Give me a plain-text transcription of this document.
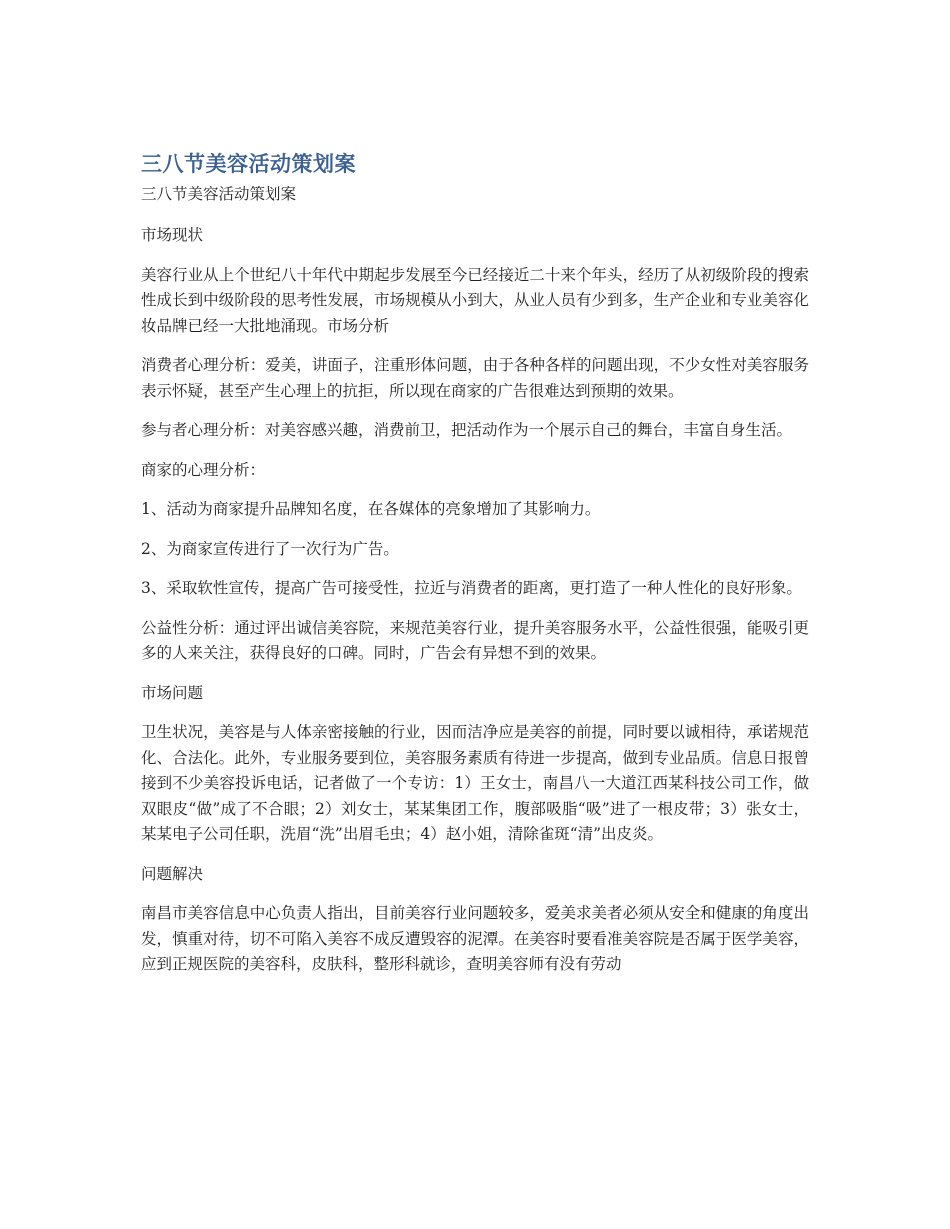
三八节美容活动策划案

三八节美容活动策划案

市场现状

美容行业从上个世纪八十年代中期起步发展至今已经接近二十来个年头，经历了从初级阶段的搜索性成长到中级阶段的思考性发展，市场规模从小到大，从业人员有少到多，生产企业和专业美容化妆品牌已经一大批地涌现。市场分析

消费者心理分析：爱美，讲面子，注重形体问题，由于各种各样的问题出现，不少女性对美容服务表示怀疑，甚至产生心理上的抗拒，所以现在商家的广告很难达到预期的效果。

参与者心理分析：对美容感兴趣，消费前卫，把活动作为一个展示自己的舞台，丰富自身生活。

商家的心理分析：

1、活动为商家提升品牌知名度，在各媒体的亮象增加了其影响力。

2、为商家宣传进行了一次行为广告。

3、采取软性宣传，提高广告可接受性，拉近与消费者的距离，更打造了一种人性化的良好形象。

公益性分析：通过评出诚信美容院，来规范美容行业，提升美容服务水平，公益性很强，能吸引更多的人来关注，获得良好的口碑。同时，广告会有异想不到的效果。

市场问题

卫生状况，美容是与人体亲密接触的行业，因而洁净应是美容的前提，同时要以诚相待，承诺规范化、合法化。此外，专业服务要到位，美容服务素质有待进一步提高，做到专业品质。信息日报曾接到不少美容投诉电话，记者做了一个专访：1）王女士，南昌八一大道江西某科技公司工作，做双眼皮“做”成了不合眼；2）刘女士，某某集团工作，腹部吸脂“吸”进了一根皮带；3）张女士，某某电子公司任职，洗眉“洗”出眉毛虫；4）赵小姐，清除雀斑“清”出皮炎。

问题解决

南昌市美容信息中心负责人指出，目前美容行业问题较多，爱美求美者必须从安全和健康的角度出发，慎重对待，切不可陷入美容不成反遭毁容的泥潭。在美容时要看准美容院是否属于医学美容，应到正规医院的美容科，皮肤科，整形科就诊，查明美容师有没有劳动
